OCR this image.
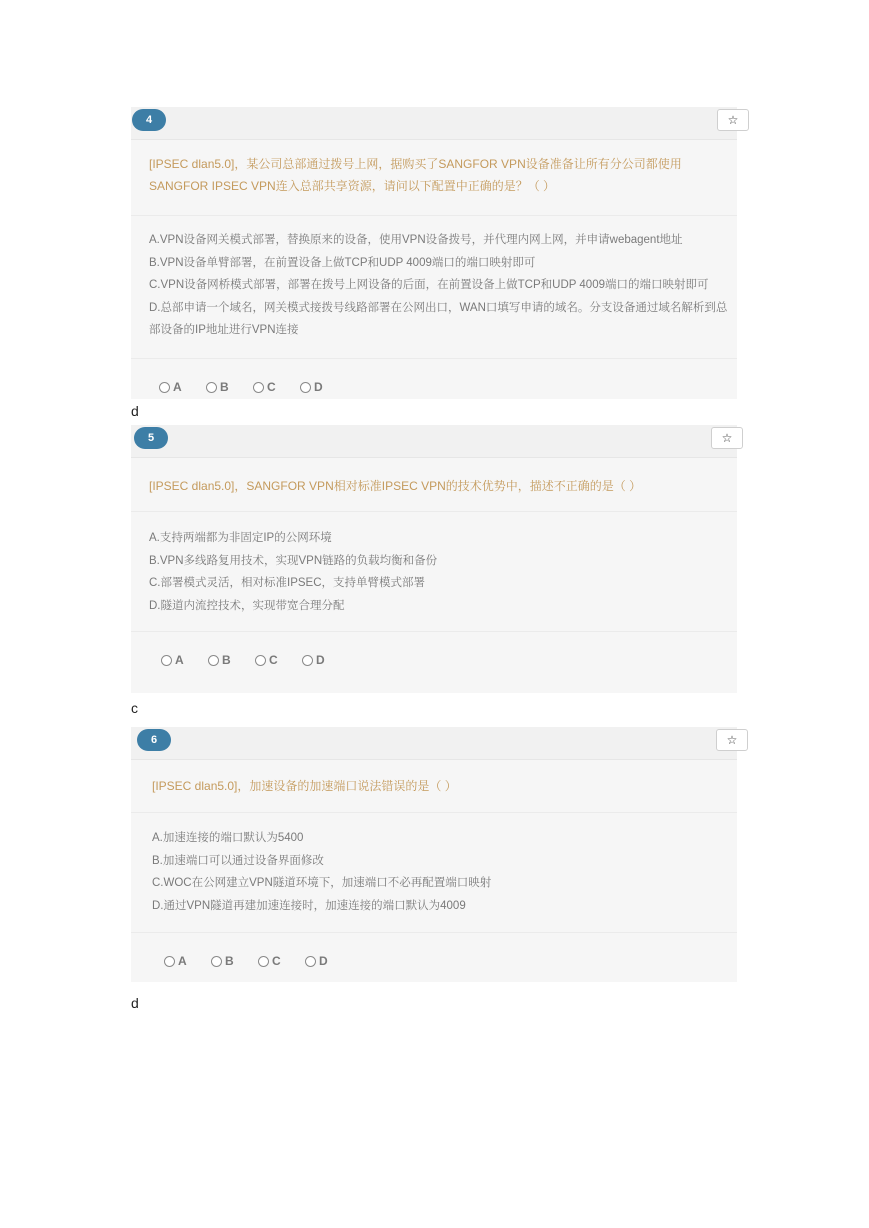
4	☆
[IPSEC dlan5.0]，某公司总部通过拨号上网，据购买了SANGFOR VPN设备准备让所有分公司都使用SANGFOR IPSEC VPN连入总部共享资源，请问以下配置中正确的是？（ ）
A.VPN设备网关模式部署，替换原来的设备，使用VPN设备拨号，并代理内网上网，并申请webagent地址
B.VPN设备单臂部署，在前置设备上做TCP和UDP 4009端口的端口映射即可
C.VPN设备网桥模式部署，部署在拨号上网设备的后面，在前置设备上做TCP和UDP 4009端口的端口映射即可
D.总部申请一个域名，网关模式接拨号线路部署在公网出口，WAN口填写申请的域名。分支设备通过域名解析到总部设备的IP地址进行VPN连接
A	B	C	D
d
5	☆
[IPSEC dlan5.0]，SANGFOR VPN相对标准IPSEC VPN的技术优势中，描述不正确的是（ ）
A.支持两端都为非固定IP的公网环境
B.VPN多线路复用技术，实现VPN链路的负载均衡和备份
C.部署模式灵活，相对标准IPSEC，支持单臂模式部署
D.隧道内流控技术，实现带宽合理分配
A	B	C	D
c
6	☆
[IPSEC dlan5.0]，加速设备的加速端口说法错误的是（ ）
A.加速连接的端口默认为5400
B.加速端口可以通过设备界面修改
C.WOC在公网建立VPN隧道环境下，加速端口不必再配置端口映射
D.通过VPN隧道再建加速连接时，加速连接的端口默认为4009
A	B	C	D
d
